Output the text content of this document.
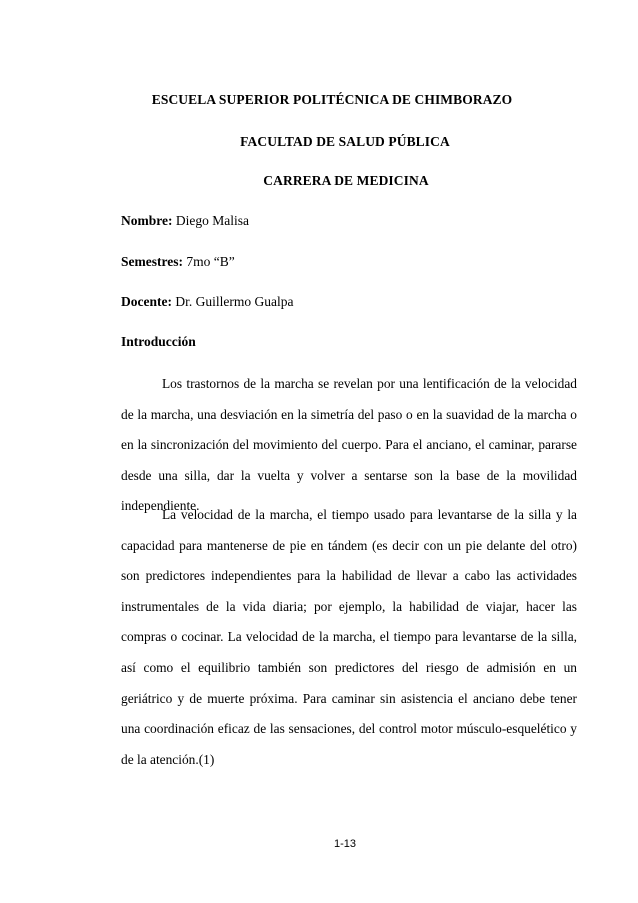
ESCUELA SUPERIOR POLITÉCNICA DE CHIMBORAZO

FACULTAD DE SALUD PÚBLICA

CARRERA DE MEDICINA

Nombre: Diego Malisa

Semestres: 7mo “B”

Docente: Dr. Guillermo Gualpa

Introducción

Los trastornos de la marcha se revelan por una lentificación de la velocidad de la marcha, una desviación en la simetría del paso o en la suavidad de la marcha o en la sincronización del movimiento del cuerpo. Para el anciano, el caminar, pararse desde una silla, dar la vuelta y volver a sentarse son la base de la movilidad independiente.

La velocidad de la marcha, el tiempo usado para levantarse de la silla y la capacidad para mantenerse de pie en tándem (es decir con un pie delante del otro) son predictores independientes para la habilidad de llevar a cabo las actividades instrumentales de la vida diaria; por ejemplo, la habilidad de viajar, hacer las compras o cocinar. La velocidad de la marcha, el tiempo para levantarse de la silla, así como el equilibrio también son predictores del riesgo de admisión en un geriátrico y de muerte próxima. Para caminar sin asistencia el anciano debe tener una coordinación eficaz de las sensaciones, del control motor músculo-esquelético y de la atención.(1)

1-13
